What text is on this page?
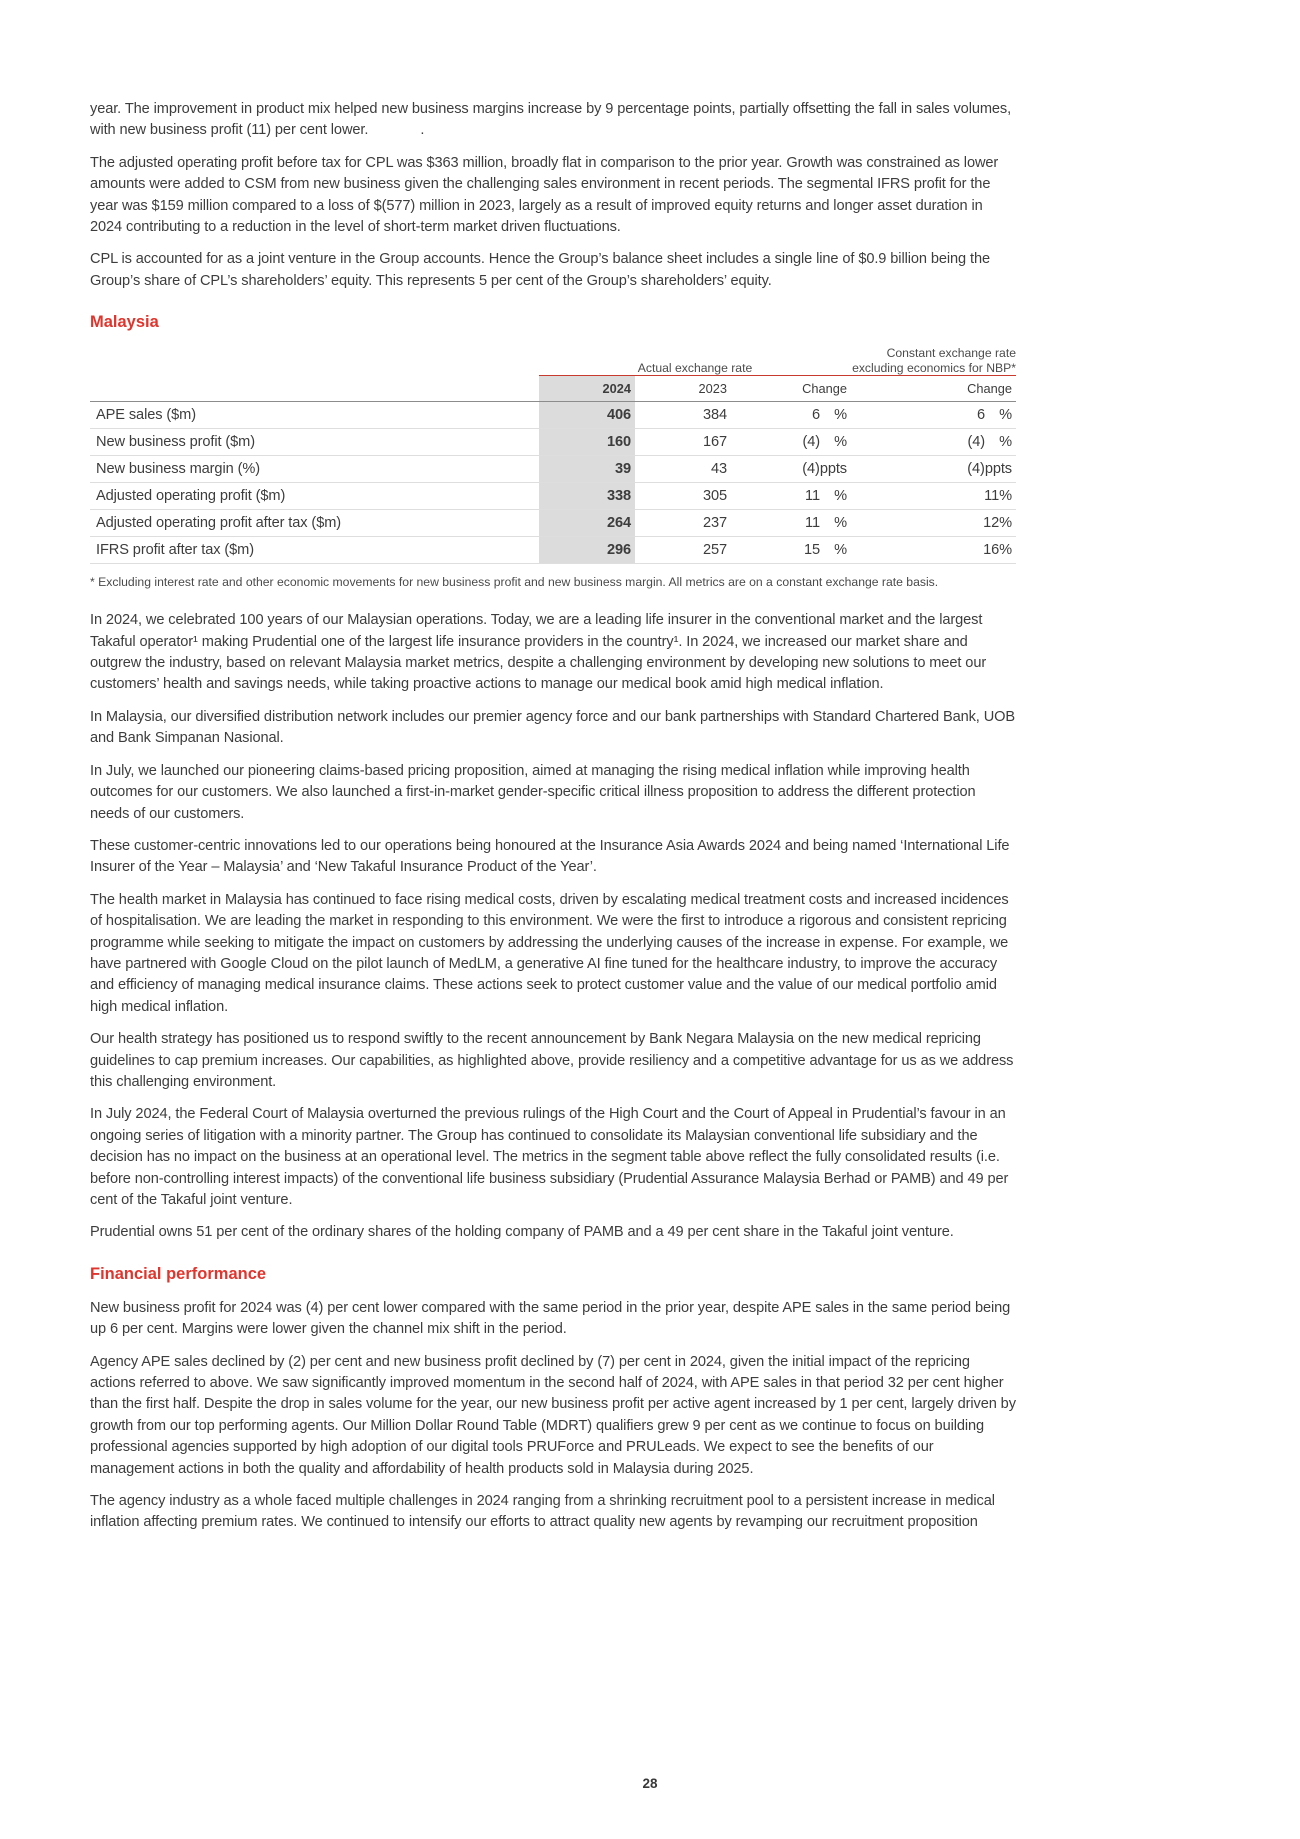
year. The improvement in product mix helped new business margins increase by 9 percentage points, partially offsetting the fall in sales volumes, with new business profit (11) per cent lower.	.

The adjusted operating profit before tax for CPL was $363 million, broadly flat in comparison to the prior year. Growth was constrained as lower amounts were added to CSM from new business given the challenging sales environment in recent periods. The segmental IFRS profit for the year was $159 million compared to a loss of $(577) million in 2023, largely as a result of improved equity returns and longer asset duration in 2024 contributing to a reduction in the level of short-term market driven fluctuations.

CPL is accounted for as a joint venture in the Group accounts. Hence the Group’s balance sheet includes a single line of $0.9 billion being the Group’s share of CPL’s shareholders’ equity. This represents 5 per cent of the Group’s shareholders’ equity.

Malaysia
	Actual exchange rate			Constant exchange rate
excluding economics for NBP*	
	2024	2023	Change		Change
APE sales ($m)	406	384	6 %		6 %
New business profit ($m)	160	167	(4) %		(4) %
New business margin (%)	39	43	(4)ppts		(4)ppts
Adjusted operating profit ($m)	338	305	11 %		11%
Adjusted operating profit after tax ($m)	264	237	11 %		12%
IFRS profit after tax ($m)	296	257	15 %		16%

* Excluding interest rate and other economic movements for new business profit and new business margin. All metrics are on a constant exchange rate basis.

In 2024, we celebrated 100 years of our Malaysian operations. Today, we are a leading life insurer in the conventional market and the largest Takaful operator¹ making Prudential one of the largest life insurance providers in the country¹. In 2024, we increased our market share and outgrew the industry, based on relevant Malaysia market metrics, despite a challenging environment by developing new solutions to meet our customers’ health and savings needs, while taking proactive actions to manage our medical book amid high medical inflation.

In Malaysia, our diversified distribution network includes our premier agency force and our bank partnerships with Standard Chartered Bank, UOB and Bank Simpanan Nasional.

In July, we launched our pioneering claims-based pricing proposition, aimed at managing the rising medical inflation while improving health outcomes for our customers. We also launched a first-in-market gender-specific critical illness proposition to address the different protection needs of our customers.

These customer-centric innovations led to our operations being honoured at the Insurance Asia Awards 2024 and being named ‘International Life Insurer of the Year – Malaysia’ and ‘New Takaful Insurance Product of the Year’.

The health market in Malaysia has continued to face rising medical costs, driven by escalating medical treatment costs and increased incidences of hospitalisation. We are leading the market in responding to this environment. We were the first to introduce a rigorous and consistent repricing programme while seeking to mitigate the impact on customers by addressing the underlying causes of the increase in expense. For example, we have partnered with Google Cloud on the pilot launch of MedLM, a generative AI fine tuned for the healthcare industry, to improve the accuracy and efficiency of managing medical insurance claims. These actions seek to protect customer value and the value of our medical portfolio amid high medical inflation.

Our health strategy has positioned us to respond swiftly to the recent announcement by Bank Negara Malaysia on the new medical repricing guidelines to cap premium increases. Our capabilities, as highlighted above, provide resiliency and a competitive advantage for us as we address this challenging environment.

In July 2024, the Federal Court of Malaysia overturned the previous rulings of the High Court and the Court of Appeal in Prudential’s favour in an ongoing series of litigation with a minority partner. The Group has continued to consolidate its Malaysian conventional life subsidiary and the decision has no impact on the business at an operational level. The metrics in the segment table above reflect the fully consolidated results (i.e. before non-controlling interest impacts) of the conventional life business subsidiary (Prudential Assurance Malaysia Berhad or PAMB) and 49 per cent of the Takaful joint venture.

Prudential owns 51 per cent of the ordinary shares of the holding company of PAMB and a 49 per cent share in the Takaful joint venture.

Financial performance

New business profit for 2024 was (4) per cent lower compared with the same period in the prior year, despite APE sales in the same period being up 6 per cent. Margins were lower given the channel mix shift in the period.

Agency APE sales declined by (2) per cent and new business profit declined by (7) per cent in 2024, given the initial impact of the repricing actions referred to above. We saw significantly improved momentum in the second half of 2024, with APE sales in that period 32 per cent higher than the first half. Despite the drop in sales volume for the year, our new business profit per active agent increased by 1 per cent, largely driven by growth from our top performing agents. Our Million Dollar Round Table (MDRT) qualifiers grew 9 per cent as we continue to focus on building professional agencies supported by high adoption of our digital tools PRUForce and PRULeads. We expect to see the benefits of our management actions in both the quality and affordability of health products sold in Malaysia during 2025.

The agency industry as a whole faced multiple challenges in 2024 ranging from a shrinking recruitment pool to a persistent increase in medical inflation affecting premium rates. We continued to intensify our efforts to attract quality new agents by revamping our recruitment proposition

28
